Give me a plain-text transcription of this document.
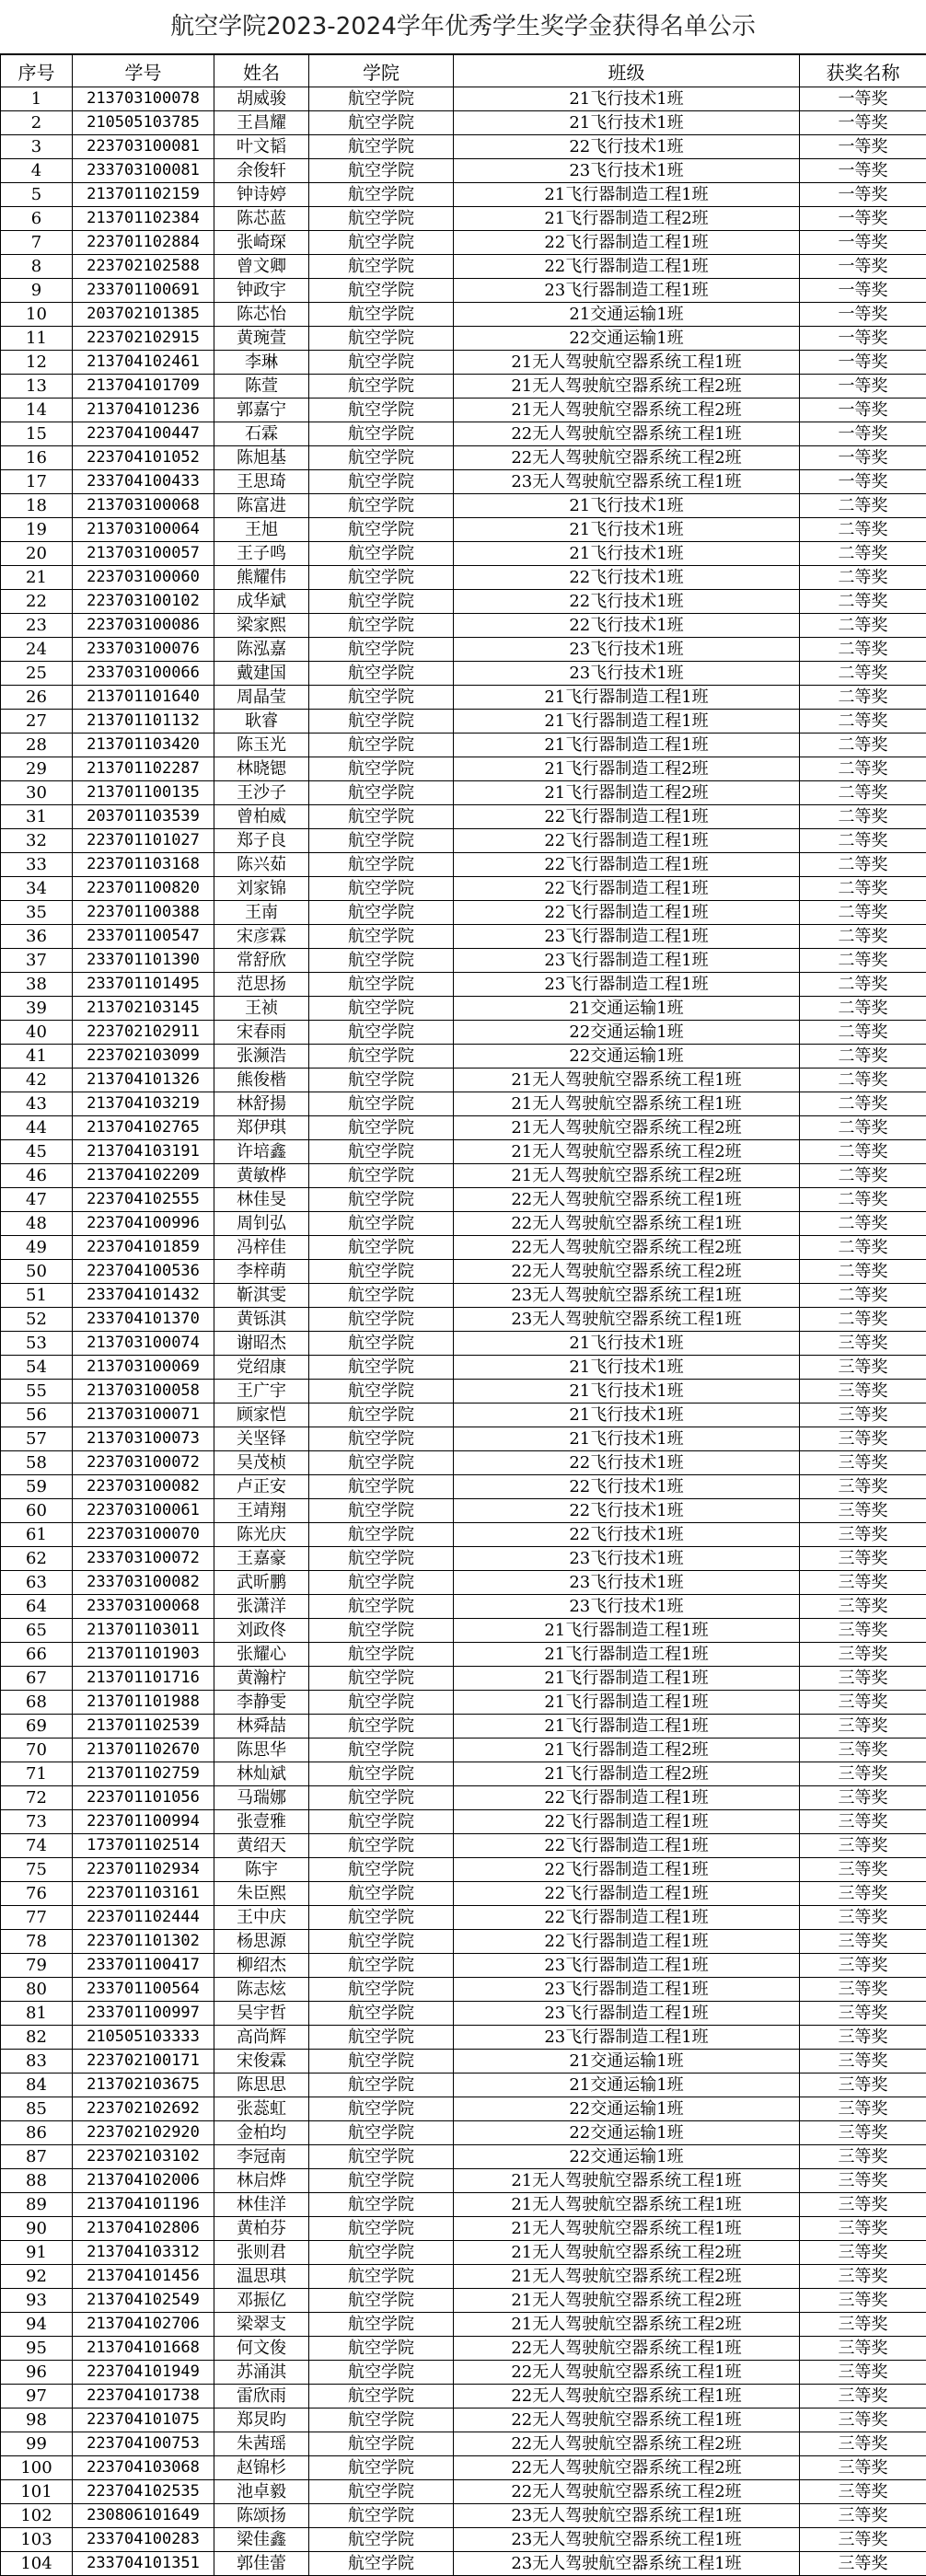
航空学院2023-2024学年优秀学生奖学金获得名单公示
序号	学号	姓名	学院	班级	获奖名称
1	213703100078	胡威骏	航空学院	21飞行技术1班	一等奖
2	210505103785	王昌耀	航空学院	21飞行技术1班	一等奖
3	223703100081	叶文韬	航空学院	22飞行技术1班	一等奖
4	233703100081	余俊轩	航空学院	23飞行技术1班	一等奖
5	213701102159	钟诗婷	航空学院	21飞行器制造工程1班	一等奖
6	213701102384	陈芯蓝	航空学院	21飞行器制造工程2班	一等奖
7	223701102884	张崎琛	航空学院	22飞行器制造工程1班	一等奖
8	223702102588	曾文卿	航空学院	22飞行器制造工程1班	一等奖
9	233701100691	钟政宇	航空学院	23飞行器制造工程1班	一等奖
10	203702101385	陈芯怡	航空学院	21交通运输1班	一等奖
11	223702102915	黄琬萱	航空学院	22交通运输1班	一等奖
12	213704102461	李琳	航空学院	21无人驾驶航空器系统工程1班	一等奖
13	213704101709	陈萱	航空学院	21无人驾驶航空器系统工程2班	一等奖
14	213704101236	郭嘉宁	航空学院	21无人驾驶航空器系统工程2班	一等奖
15	223704100447	石霖	航空学院	22无人驾驶航空器系统工程1班	一等奖
16	223704101052	陈旭基	航空学院	22无人驾驶航空器系统工程2班	一等奖
17	233704100433	王思琦	航空学院	23无人驾驶航空器系统工程1班	一等奖
18	213703100068	陈富进	航空学院	21飞行技术1班	二等奖
19	213703100064	王旭	航空学院	21飞行技术1班	二等奖
20	213703100057	王子鸣	航空学院	21飞行技术1班	二等奖
21	223703100060	熊耀伟	航空学院	22飞行技术1班	二等奖
22	223703100102	成华斌	航空学院	22飞行技术1班	二等奖
23	223703100086	梁家熙	航空学院	22飞行技术1班	二等奖
24	233703100076	陈泓嘉	航空学院	23飞行技术1班	二等奖
25	233703100066	戴建国	航空学院	23飞行技术1班	二等奖
26	213701101640	周晶莹	航空学院	21飞行器制造工程1班	二等奖
27	213701101132	耿睿	航空学院	21飞行器制造工程1班	二等奖
28	213701103420	陈玉光	航空学院	21飞行器制造工程1班	二等奖
29	213701102287	林晓锶	航空学院	21飞行器制造工程2班	二等奖
30	213701100135	王沙子	航空学院	21飞行器制造工程2班	二等奖
31	203701103539	曾柏威	航空学院	22飞行器制造工程1班	二等奖
32	223701101027	郑子良	航空学院	22飞行器制造工程1班	二等奖
33	223701103168	陈兴茹	航空学院	22飞行器制造工程1班	二等奖
34	223701100820	刘家锦	航空学院	22飞行器制造工程1班	二等奖
35	223701100388	王南	航空学院	22飞行器制造工程1班	二等奖
36	233701100547	宋彦霖	航空学院	23飞行器制造工程1班	二等奖
37	233701101390	常舒欣	航空学院	23飞行器制造工程1班	二等奖
38	233701101495	范思扬	航空学院	23飞行器制造工程1班	二等奖
39	213702103145	王祯	航空学院	21交通运输1班	二等奖
40	223702102911	宋春雨	航空学院	22交通运输1班	二等奖
41	223702103099	张濒浩	航空学院	22交通运输1班	二等奖
42	213704101326	熊俊楷	航空学院	21无人驾驶航空器系统工程1班	二等奖
43	213704103219	林舒揚	航空学院	21无人驾驶航空器系统工程1班	二等奖
44	213704102765	郑伊琪	航空学院	21无人驾驶航空器系统工程2班	二等奖
45	213704103191	许培鑫	航空学院	21无人驾驶航空器系统工程2班	二等奖
46	213704102209	黄敏桦	航空学院	21无人驾驶航空器系统工程2班	二等奖
47	223704102555	林佳旻	航空学院	22无人驾驶航空器系统工程1班	二等奖
48	223704100996	周钊弘	航空学院	22无人驾驶航空器系统工程1班	二等奖
49	223704101859	冯梓佳	航空学院	22无人驾驶航空器系统工程2班	二等奖
50	223704100536	李梓萌	航空学院	22无人驾驶航空器系统工程2班	二等奖
51	233704101432	靳淇雯	航空学院	23无人驾驶航空器系统工程1班	二等奖
52	233704101370	黄铄淇	航空学院	23无人驾驶航空器系统工程1班	二等奖
53	213703100074	谢昭杰	航空学院	21飞行技术1班	三等奖
54	213703100069	党绍康	航空学院	21飞行技术1班	三等奖
55	213703100058	王广宇	航空学院	21飞行技术1班	三等奖
56	213703100071	顾家恺	航空学院	21飞行技术1班	三等奖
57	213703100073	关坚铎	航空学院	21飞行技术1班	三等奖
58	223703100072	吴茂桢	航空学院	22飞行技术1班	三等奖
59	223703100082	卢正安	航空学院	22飞行技术1班	三等奖
60	223703100061	王靖翔	航空学院	22飞行技术1班	三等奖
61	223703100070	陈光庆	航空学院	22飞行技术1班	三等奖
62	233703100072	王嘉豪	航空学院	23飞行技术1班	三等奖
63	233703100082	武昕鹏	航空学院	23飞行技术1班	三等奖
64	233703100068	张潇洋	航空学院	23飞行技术1班	三等奖
65	213701103011	刘政佟	航空学院	21飞行器制造工程1班	三等奖
66	213701101903	张耀心	航空学院	21飞行器制造工程1班	三等奖
67	213701101716	黄瀚柠	航空学院	21飞行器制造工程1班	三等奖
68	213701101988	李静雯	航空学院	21飞行器制造工程1班	三等奖
69	213701102539	林舜喆	航空学院	21飞行器制造工程1班	三等奖
70	213701102670	陈思华	航空学院	21飞行器制造工程2班	三等奖
71	213701102759	林灿斌	航空学院	21飞行器制造工程2班	三等奖
72	223701101056	马瑞娜	航空学院	22飞行器制造工程1班	三等奖
73	223701100994	张壹雅	航空学院	22飞行器制造工程1班	三等奖
74	173701102514	黄绍天	航空学院	22飞行器制造工程1班	三等奖
75	223701102934	陈宇	航空学院	22飞行器制造工程1班	三等奖
76	223701103161	朱臣熙	航空学院	22飞行器制造工程1班	三等奖
77	223701102444	王中庆	航空学院	22飞行器制造工程1班	三等奖
78	223701101302	杨思源	航空学院	22飞行器制造工程1班	三等奖
79	233701100417	柳绍杰	航空学院	23飞行器制造工程1班	三等奖
80	233701100564	陈志炫	航空学院	23飞行器制造工程1班	三等奖
81	233701100997	吴宇哲	航空学院	23飞行器制造工程1班	三等奖
82	210505103333	高尚辉	航空学院	23飞行器制造工程1班	三等奖
83	223702100171	宋俊霖	航空学院	21交通运输1班	三等奖
84	213702103675	陈思思	航空学院	21交通运输1班	三等奖
85	223702102692	张蕊虹	航空学院	22交通运输1班	三等奖
86	223702102920	金柏均	航空学院	22交通运输1班	三等奖
87	223702103102	李冠南	航空学院	22交通运输1班	三等奖
88	213704102006	林启烨	航空学院	21无人驾驶航空器系统工程1班	三等奖
89	213704101196	林佳洋	航空学院	21无人驾驶航空器系统工程1班	三等奖
90	213704102806	黄柏芬	航空学院	21无人驾驶航空器系统工程1班	三等奖
91	213704103312	张则君	航空学院	21无人驾驶航空器系统工程2班	三等奖
92	213704101456	温思琪	航空学院	21无人驾驶航空器系统工程2班	三等奖
93	213704102549	邓振亿	航空学院	21无人驾驶航空器系统工程2班	三等奖
94	213704102706	梁翠支	航空学院	21无人驾驶航空器系统工程2班	三等奖
95	213704101668	何文俊	航空学院	22无人驾驶航空器系统工程1班	三等奖
96	223704101949	苏涌淇	航空学院	22无人驾驶航空器系统工程1班	三等奖
97	223704101738	雷欣雨	航空学院	22无人驾驶航空器系统工程1班	三等奖
98	223704101075	郑炅昀	航空学院	22无人驾驶航空器系统工程1班	三等奖
99	223704100753	朱茜瑶	航空学院	22无人驾驶航空器系统工程2班	三等奖
100	223704103068	赵锦杉	航空学院	22无人驾驶航空器系统工程2班	三等奖
101	223704102535	池卓毅	航空学院	22无人驾驶航空器系统工程2班	三等奖
102	230806101649	陈颂扬	航空学院	23无人驾驶航空器系统工程1班	三等奖
103	233704100283	梁佳鑫	航空学院	23无人驾驶航空器系统工程1班	三等奖
104	233704101351	郭佳蕾	航空学院	23无人驾驶航空器系统工程1班	三等奖
